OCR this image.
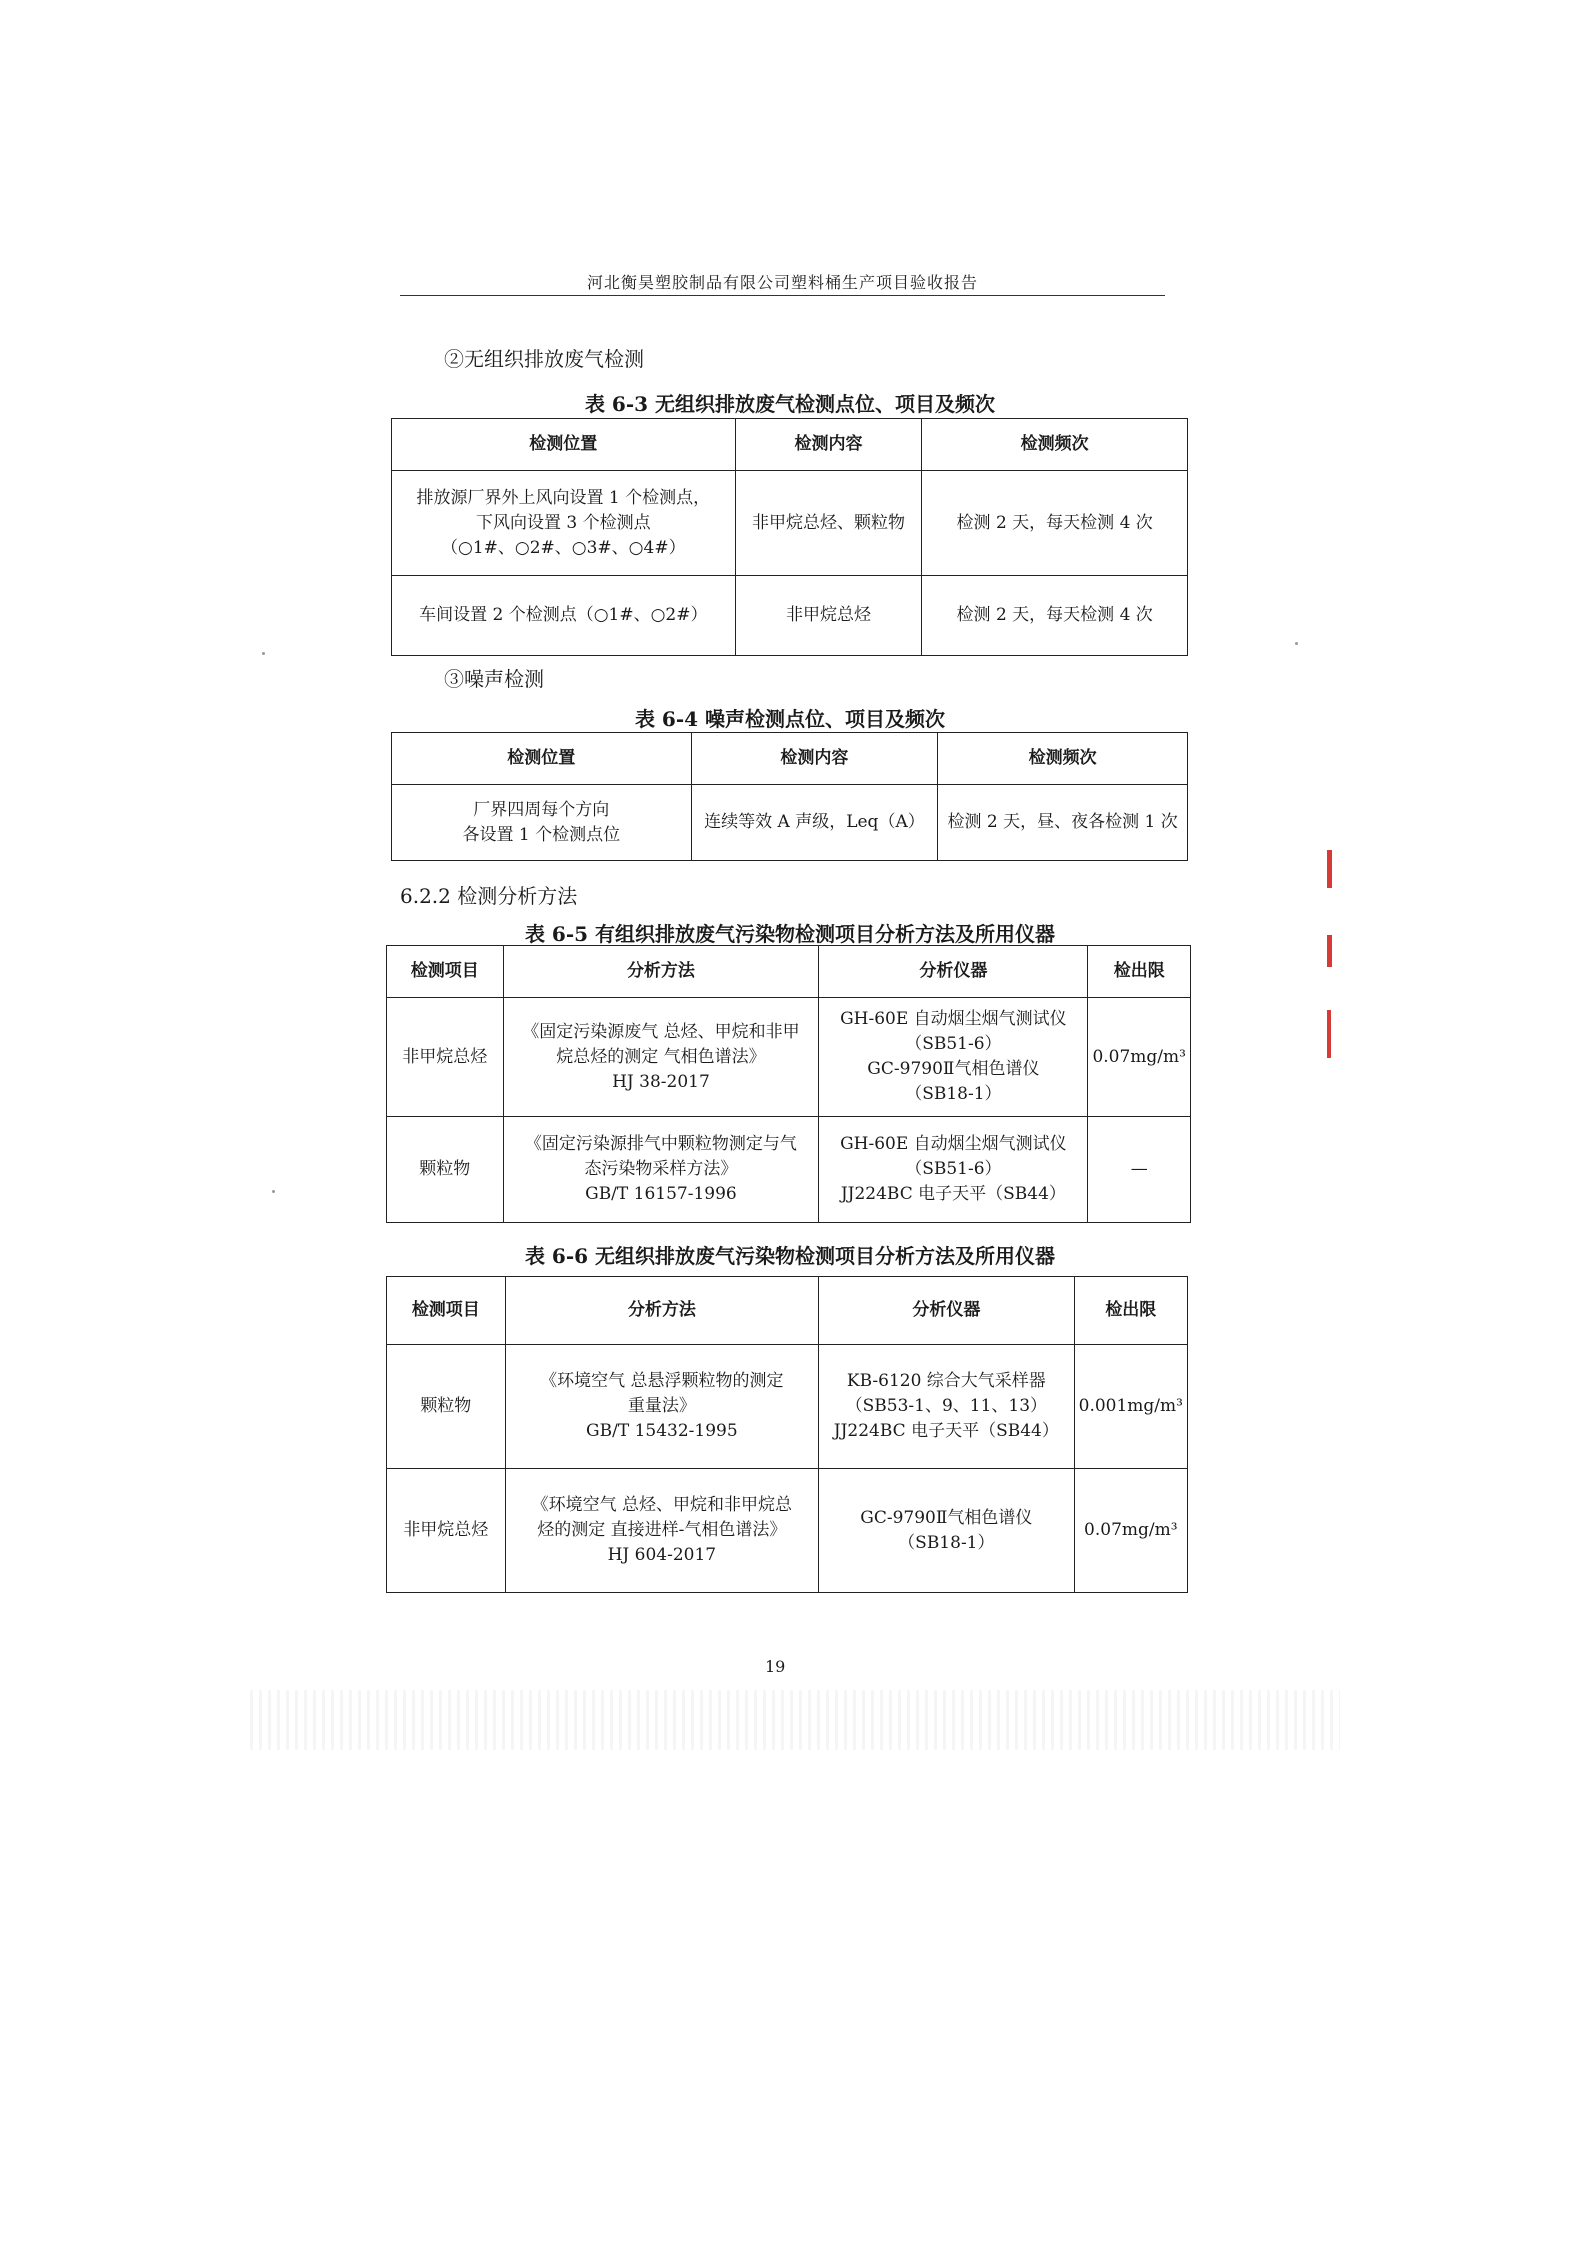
河北衡昊塑胶制品有限公司塑料桶生产项目验收报告
②无组织排放废气检测
表 6-3 无组织排放废气检测点位、项目及频次
检测位置	检测内容	检测频次
排放源厂界外上风向设置 1 个检测点，
下风向设置 3 个检测点
（○1#、○2#、○3#、○4#）	非甲烷总烃、颗粒物	检测 2 天，每天检测 4 次
车间设置 2 个检测点（○1#、○2#）	非甲烷总烃	检测 2 天，每天检测 4 次
③噪声检测
表 6-4 噪声检测点位、项目及频次
检测位置	检测内容	检测频次
厂界四周每个方向
各设置 1 个检测点位	连续等效 A 声级，Leq（A）	检测 2 天，昼、夜各检测 1 次
6.2.2 检测分析方法
表 6-5 有组织排放废气污染物检测项目分析方法及所用仪器
检测项目	分析方法	分析仪器	检出限
非甲烷总烃	《固定污染源废气 总烃、甲烷和非甲
烷总烃的测定 气相色谱法》
HJ 38-2017	GH-60E 自动烟尘烟气测试仪
（SB51-6）
GC-9790Ⅱ气相色谱仪
（SB18-1）	0.07mg/m³
颗粒物	《固定污染源排气中颗粒物测定与气
态污染物采样方法》
GB/T 16157-1996	GH-60E 自动烟尘烟气测试仪
（SB51-6）
JJ224BC 电子天平（SB44）	—
表 6-6 无组织排放废气污染物检测项目分析方法及所用仪器
检测项目	分析方法	分析仪器	检出限
颗粒物	《环境空气 总悬浮颗粒物的测定
重量法》
GB/T 15432-1995	KB-6120 综合大气采样器
（SB53-1、9、11、13）
JJ224BC 电子天平（SB44）	0.001mg/m³
非甲烷总烃	《环境空气 总烃、甲烷和非甲烷总
烃的测定 直接进样-气相色谱法》
HJ 604-2017	GC-9790Ⅱ气相色谱仪
（SB18-1）	0.07mg/m³
19
